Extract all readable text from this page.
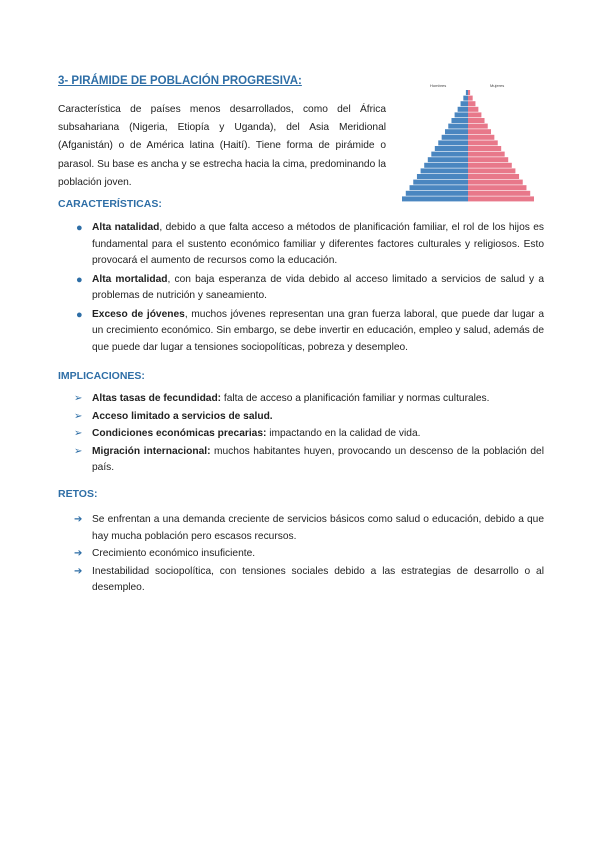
3- PIRÁMIDE DE POBLACIÓN PROGRESIVA:
Característica de países menos desarrollados, como del África subsahariana (Nigeria, Etiopía y Uganda), del Asia Meridional (Afganistán) o de América latina (Haití). Tiene forma de pirámide o parasol. Su base es ancha y se estrecha hacia la cima, predominando la población joven.
Hombres	Mujeres
CARACTERÍSTICAS:
● Alta natalidad, debido a que falta acceso a métodos de planificación familiar, el rol de los hijos es fundamental para el sustento económico familiar y diferentes factores culturales y religiosos. Esto provocará el aumento de recursos como la educación.
● Alta mortalidad, con baja esperanza de vida debido al acceso limitado a servicios de salud y a problemas de nutrición y saneamiento.
● Exceso de jóvenes, muchos jóvenes representan una gran fuerza laboral, que puede dar lugar a un crecimiento económico. Sin embargo, se debe invertir en educación, empleo y salud, además de que puede dar lugar a tensiones sociopolíticas, pobreza y desempleo.
IMPLICACIONES:
➢ Altas tasas de fecundidad: falta de acceso a planificación familiar y normas culturales.
➢ Acceso limitado a servicios de salud.
➢ Condiciones económicas precarias: impactando en la calidad de vida.
➢ Migración internacional: muchos habitantes huyen, provocando un descenso de la población del país.
RETOS:
➔ Se enfrentan a una demanda creciente de servicios básicos como salud o educación, debido a que hay mucha población pero escasos recursos.
➔ Crecimiento económico insuficiente.
➔ Inestabilidad sociopolítica, con tensiones sociales debido a las estrategias de desarrollo o al desempleo.
